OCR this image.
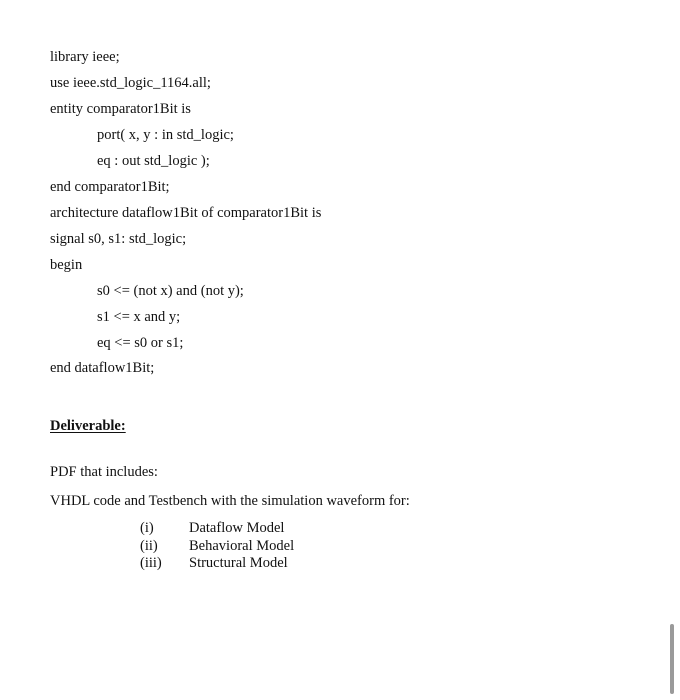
library ieee;
use ieee.std_logic_1164.all;
entity comparator1Bit is
port( x, y : in std_logic;
eq : out std_logic );
end comparator1Bit;
architecture dataflow1Bit of comparator1Bit is
signal s0, s1: std_logic;
begin
s0 <= (not x) and (not y);
s1 <= x and y;
eq <= s0 or s1;
end dataflow1Bit;
Deliverable:
PDF that includes:
VHDL code and Testbench with the simulation waveform for:
(i) Dataflow Model
(ii) Behavioral Model
(iii) Structural Model
